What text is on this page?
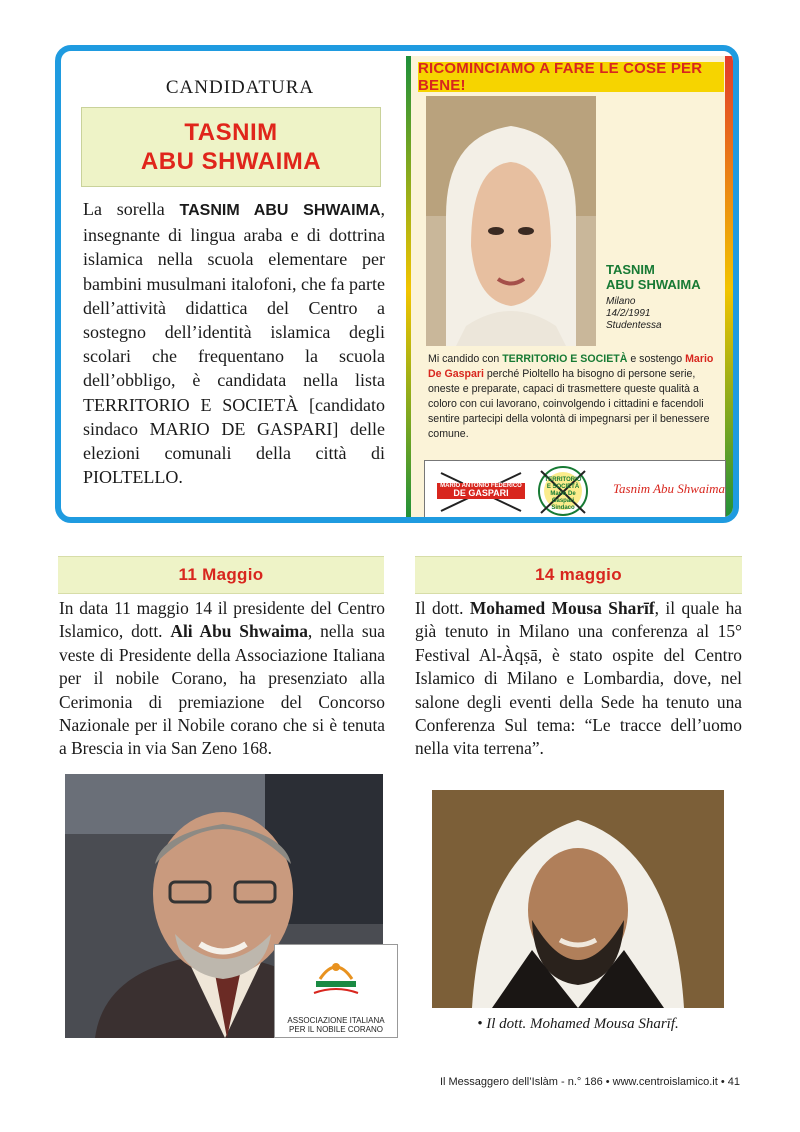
CANDIDATURA
TASNIM
ABU SHWAIMA
La sorella TASNIM ABU SHWAIMA, insegnante di lingua araba e di dottrina islamica nella scuola elementare per bambini musulmani italofoni, che fa parte dell’attività didattica del Centro a sostegno dell’identità islamica degli scolari che frequentano la scuola dell’obbligo, è candidata nella lista TERRITORIO E SOCIETÀ [candidato sindaco MARIO DE GASPARI] delle elezioni comunali della città di PIOLTELLO.
RICOMINCIAMO A FARE LE COSE PER BENE!
TASNIM
ABU SHWAIMA
Milano
14/2/1991
Studentessa
Mi candido con TERRITORIO E SOCIETÀ e sostengo Mario De Gaspari perché Pioltello ha bisogno di persone serie, oneste e preparate, capaci di trasmettere queste qualità a coloro con cui lavorano, coinvolgendo i cittadini e facendoli sentire partecipi della volontà di impegnarsi per il benessere comune.
MARIO ANTONIO FEDERICO
DE GASPARI
TERRITORIO E SOCIETÀ Mario De Gaspari Sindaco
Tasnim Abu Shwaima
11 Maggio
In data 11 maggio 14 il presidente del Centro Islamico, dott. Ali Abu Shwaima, nella sua veste di Presidente della Associazione Italiana per il nobile Corano, ha presenziato alla Cerimonia di premiazione del Concorso Nazionale per il Nobile corano che si è tenuta a Brescia in via San Zeno 168.
ASSOCIAZIONE ITALIANA
PER IL NOBILE CORANO
14 maggio
Il dott. Mohamed Mousa Sharīf, il quale ha già tenuto in Milano una conferenza al 15° Festival Al-Àqṣā, è stato ospite del Centro Islamico di Milano e Lombardia, dove, nel salone degli eventi della Sede ha tenuto una Conferenza Sul tema: “Le tracce dell’uomo nella vita terrena”.
• Il dott. Mohamed Mousa Sharīf.
Il Messaggero dell’Islàm - n.° 186 • www.centroislamico.it • 41
